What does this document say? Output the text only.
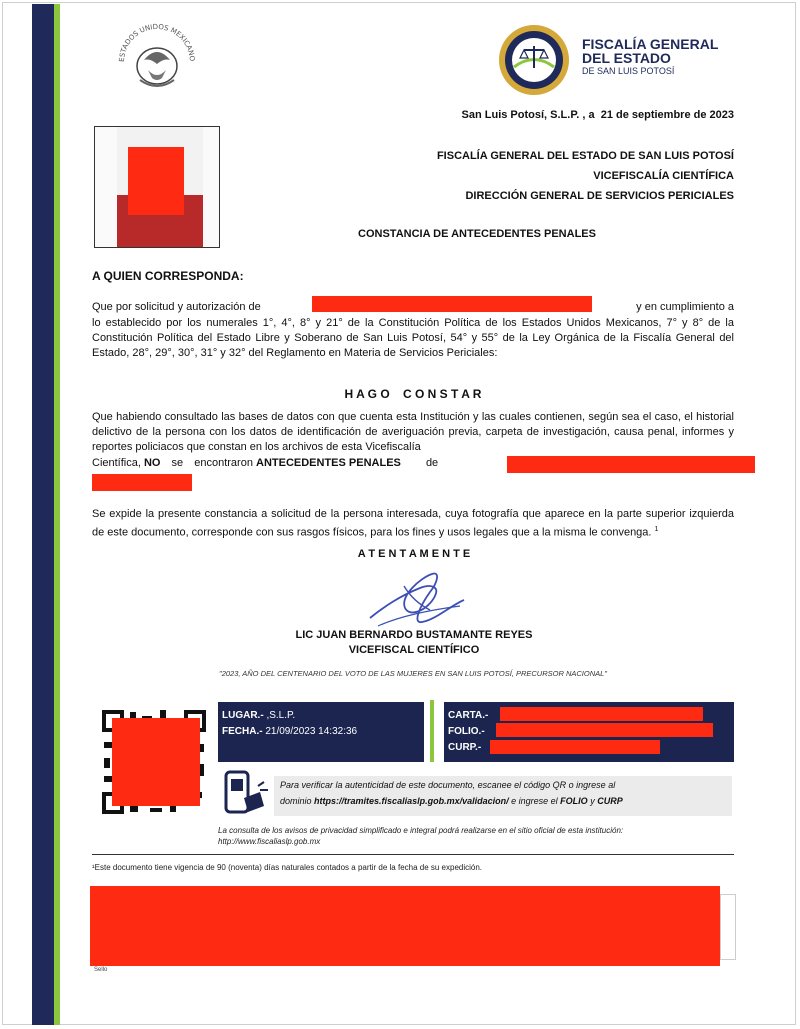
ESTADOS UNIDOS MEXICANO
FISCALÍA GENERAL
DEL ESTADO
DE SAN LUIS POTOSÍ
San Luis Potosí, S.L.P. , a  21 de septiembre de 2023
FISCALÍA GENERAL DEL ESTADO DE SAN LUIS POTOSÍ
VICEFISCALÍA CIENTÍFICA
DIRECCIÓN GENERAL DE SERVICIOS PERICIALES
CONSTANCIA DE ANTECEDENTES PENALES
A QUIEN CORRESPONDA:
Que por solicitud y autorización de	y en cumplimiento a
lo establecido por los numerales 1°, 4°, 8° y 21° de la Constitución Política de los Estados Unidos Mexicanos, 7° y 8° de la Constitución Política del Estado Libre y Soberano de San Luis Potosí, 54° y 55° de la Ley Orgánica de la Fiscalía General del Estado, 28°, 29°, 30°, 31° y 32° del Reglamento en Materia de Servicios Periciales:
H A G O    C O N S T A R
Que habiendo consultado las bases de datos con que cuenta esta Institución y las cuales contienen, según sea el caso, el historial delictivo de la persona con los datos de identificación de averiguación previa, carpeta de investigación, causa penal, informes y reportes policiacos que constan en los archivos de esta Vicefiscalía
Científica, NO se encontraron ANTECEDENTES PENALES de
Se expide la presente constancia a solicitud de la persona interesada, cuya fotografía que aparece en la parte superior izquierda de este documento, corresponde con sus rasgos físicos, para los fines y usos legales que a la misma le convenga. $^1$
A T E N T A M E N T E
LIC JUAN BERNARDO BUSTAMANTE REYES
VICEFISCAL CIENTÍFICO
"2023, AÑO DEL CENTENARIO DEL VOTO DE LAS MUJERES EN SAN LUIS POTOSÍ, PRECURSOR NACIONAL"
LUGAR.- ,S.L.P.
FECHA.- 21/09/2023 14:32:36
CARTA.-
FOLIO.-
CURP.-
Para verificar la autenticidad de este documento, escanee el código QR o ingrese al
dominio https://tramites.fiscaliaslp.gob.mx/validacion/ e ingrese el FOLIO y CURP
La consulta de los avisos de privacidad simplificado e integral podrá realizarse en el sitio oficial de esta institución:
http://www.fiscaliaslp.gob.mx
¹Este documento tiene vigencia de 90 (noventa) días naturales contados a partir de la fecha de su expedición.
Sello
